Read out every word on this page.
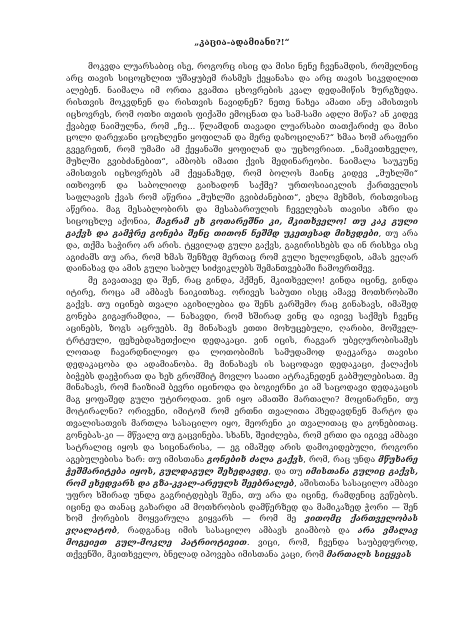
„კაცია-ადამიანი?!“

მოკვდა ლუარსაბიც ისე, როგორც ისიც და მისი ნენე ჩვენამდის, რომელნიც არც თავის სიცოცხლით უშაყუბემ რასმეს ქეყანასა და არც თავის სიკვდილით ალებენ. ნაიმალა იმ ორთა გვამთა ცხოვრების კვალ დედამიწის ზურგზედა. რისთვის მოკვდნენ და რისთვის ნავიდნენ? ნეთე ნახეა ამათი ანუ ამისთვის იცხოვრეს, რომ ოთხი თეთის ფიქაში ემოცნათ და სამ-სამი ადლი მიწა? ან კიდევ ქვაბედ ნაიმულნა, რომ „ჩე... წლამდინ თავადი ლუარსაბი თათქარიძე და მისი ცოლი დარეჯანი ცოცხლენი ყოფილან და მერე დახოცილან?“ ხმაა ხომ არაფერი გვეგრეთნ, რომ უმამი ამ ქეყანაში ყოფილან და უცხოვრიათ. „ნამკითხველო, მუხლში გვიბძანებით“, ამბობს იმათი ქვის მედინარეობი. ნაიმალა საუკუნე ამისთვის იცხოვრებს ამ ქეყანაზედ, რომ ბოლოს მაინც კიდევ „მუხლში“ ითხოვონ და საბოლიოდ გაიხადონ საქმე? ურთოსიაიკლის ქართველის საფლავის ქვას რომ აწერია „მუხლში გვიბძანებით“, ეხლა მეხმის, რისთვისაც აწერია. მაგ მესაბლობირს და მესაბარიულის ჩეველებას თავისი აზრი და სიცოცხლე აქონია, მაგრამ ეხ გოთარეშნი კი, მკითხველო! თუ კაკ გული გაქვს და გამჭრე გონება შენც თითონ ნეშმდ უკეთესად მიხვდები, თუ არა და, თქმა საჭირო არ არის. ტყვილად გული გაქვს, გაგირისხებს და ინ რისხვა ისე აგიძამს თუ არა, რომ ხმას შენზედ მერთაც რომ გული ხელოვნდის, ამას ვეღარ დაინახავ და ამის გული საბულ სიძვიკლებს შემანთვებაში ჩამოერთმევ.

მე გავათავე და შენ, რაც გინდა, ჰქმენ, მკითხველო! გინდა იცინე, გინდა იტირე, როცა ამ ამბავს ნაიკითხავ. ორივეს საბუთი ისეც ამავე მოთხრობაში გაქვს. თუ იცინებ თვალი აგიხილებია და შენს გარშემო რაც გინახავს, იმაშედ გონება გიგაჟრამდია, — ნახავდი, რომ ხშირად ვინც და ივივე საქმეს ჩვენც აცინებს, ზოგს აცრუებს. მე მინახავს ეთთი მოხუცებული, ღარიბი, მოშველ-ტრტეული, ფეხებდახეთქილი დედაკაცი. ვინ იცის, რაგვარ უბეღურობისამეს ლოთად ჩავარდნილიყო და ლოთობიმის სამუდამოდ დაეკარგა თავისი დედაკაცობა და ადამიანობა. მე მინახავს ის საცოდავი დედაკაცი, ქალაქის ბიჭებს დაეჭირათ და ხეხ გრომშიტ მოვლო საათი ატრაკნედენ გაბმულებისათ. მე მინახავს, რომ ჩაიზიამ ბევრი იცინოდა და ბოგიერნი კი ამ საცოდავი დედაკაცის მაგ ყოფაშედ გული უტიროდათ. ვინ იყო ამათში მართალი? მოცინარენი, თუ მოტირალნი? ორივენი, იმიტომ რომ ერთნი თვალითა ჰხედავდნენ მარტო და თვალისათვის მართლა სასაცილო იყო, მეორენი კი თვალითაც და გონებითაც. გონებას-კი — მწვალე თუ გაცვინება. სხანს, შეიძლება, რომ ერთი და იგივე ამბავი სატრალიც იყოს და სიცინარისა, — ეგ იმაშედ არის დამოკიდებული, როგორი აგებულებისა ხარ: თუ იმისთანა გონებიხ ძალა გაქვს, რომ, რაც უნდა მწუხარე ჭეშმარიტება იყოს, გულდაგულ შეხედავდე, და თუ იმისთანა გულიც გაქვს, რომ ეხედვარს და გზა-კვალ-არეულს შეებრალებ, აშისთანა სასაცილო ამბავი უფრო ხშირად უნდა გაგრიტდებეს შენა, თუ არა და იცინე, რამდენიც გეწებოს. იცინე და თანაც გახარდი ამ მოთხრობის დამწერზედ და მამიკაზედ ჭორი — შენ ხომ ქორების მოყვარულა გიყვარს — რომ მე ვითომც ქართველობას ვღალატობ, რადგანაც იმის სასაცილო ამბავს გიამბობ და არა ვმალავ მოგეიეთ გულ-მოკლე პატრიოტივით. ვიცი, რომ, ჩვენდა საუბედუროდ, თქვენში, მკითხველო, ბნელად იპოვება იმისთანა კაცი, რომ მართალს სიცყვას
